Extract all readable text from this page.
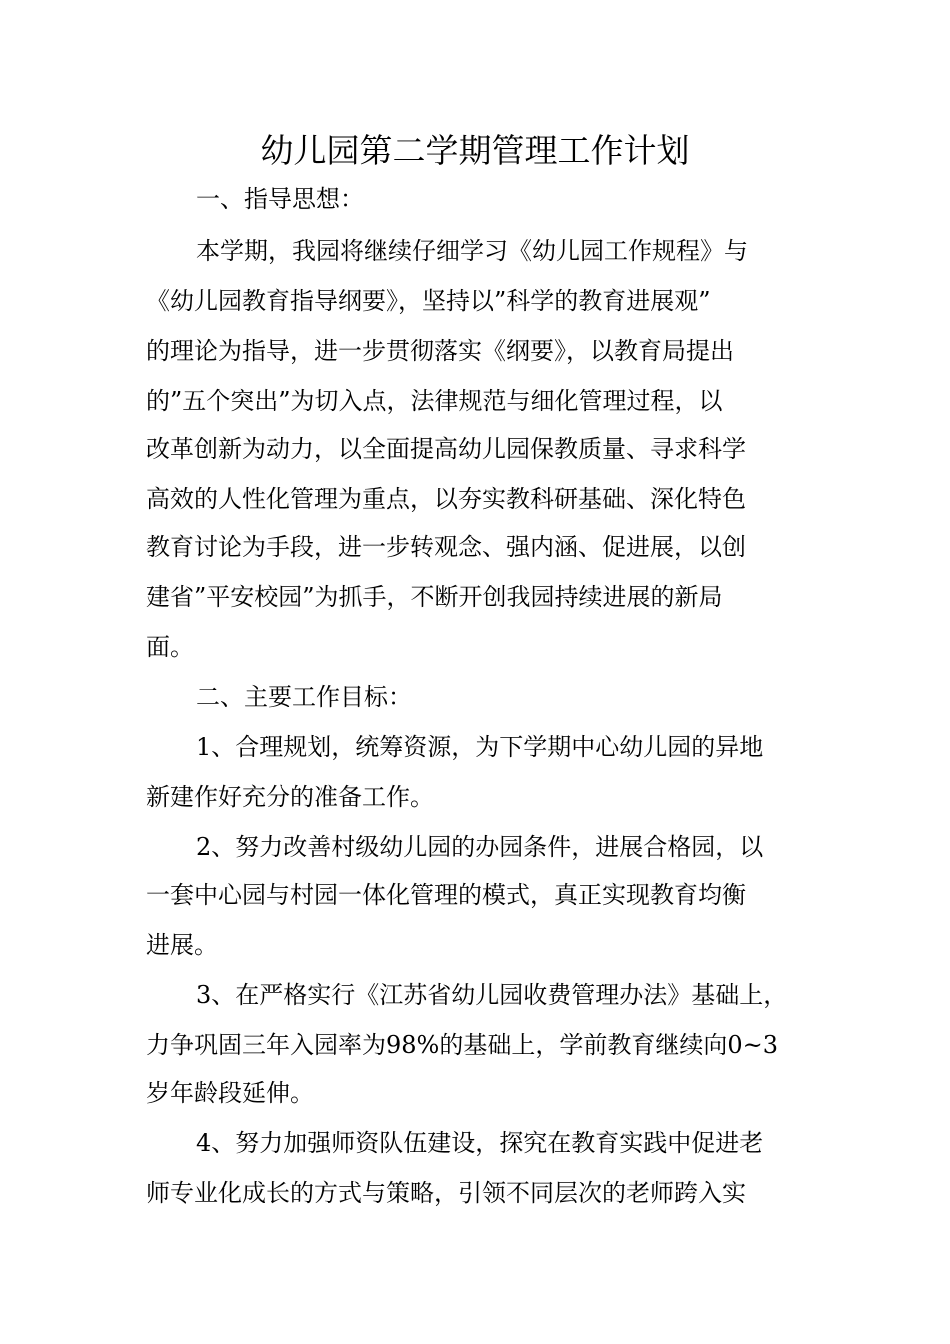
幼儿园第二学期管理工作计划
一、指导思想：
本学期，我园将继续仔细学习《幼儿园工作规程》与
《幼儿园教育指导纲要》，坚持以”科学的教育进展观”
的理论为指导，进一步贯彻落实《纲要》，以教育局提出
的”五个突出”为切入点，法律规范与细化管理过程，以
改革创新为动力，以全面提高幼儿园保教质量、寻求科学
高效的人性化管理为重点，以夯实教科研基础、深化特色
教育讨论为手段，进一步转观念、强内涵、促进展，以创
建省”平安校园”为抓手，不断开创我园持续进展的新局
面。
二、主要工作目标：
1、合理规划，统筹资源，为下学期中心幼儿园的异地
新建作好充分的准备工作。
2、努力改善村级幼儿园的办园条件，进展合格园，以
一套中心园与村园一体化管理的模式，真正实现教育均衡
进展。
3、在严格实行《江苏省幼儿园收费管理办法》基础上，
力争巩固三年入园率为98%的基础上，学前教育继续向0~3
岁年龄段延伸。
4、努力加强师资队伍建设，探究在教育实践中促进老
师专业化成长的方式与策略，引领不同层次的老师跨入实
